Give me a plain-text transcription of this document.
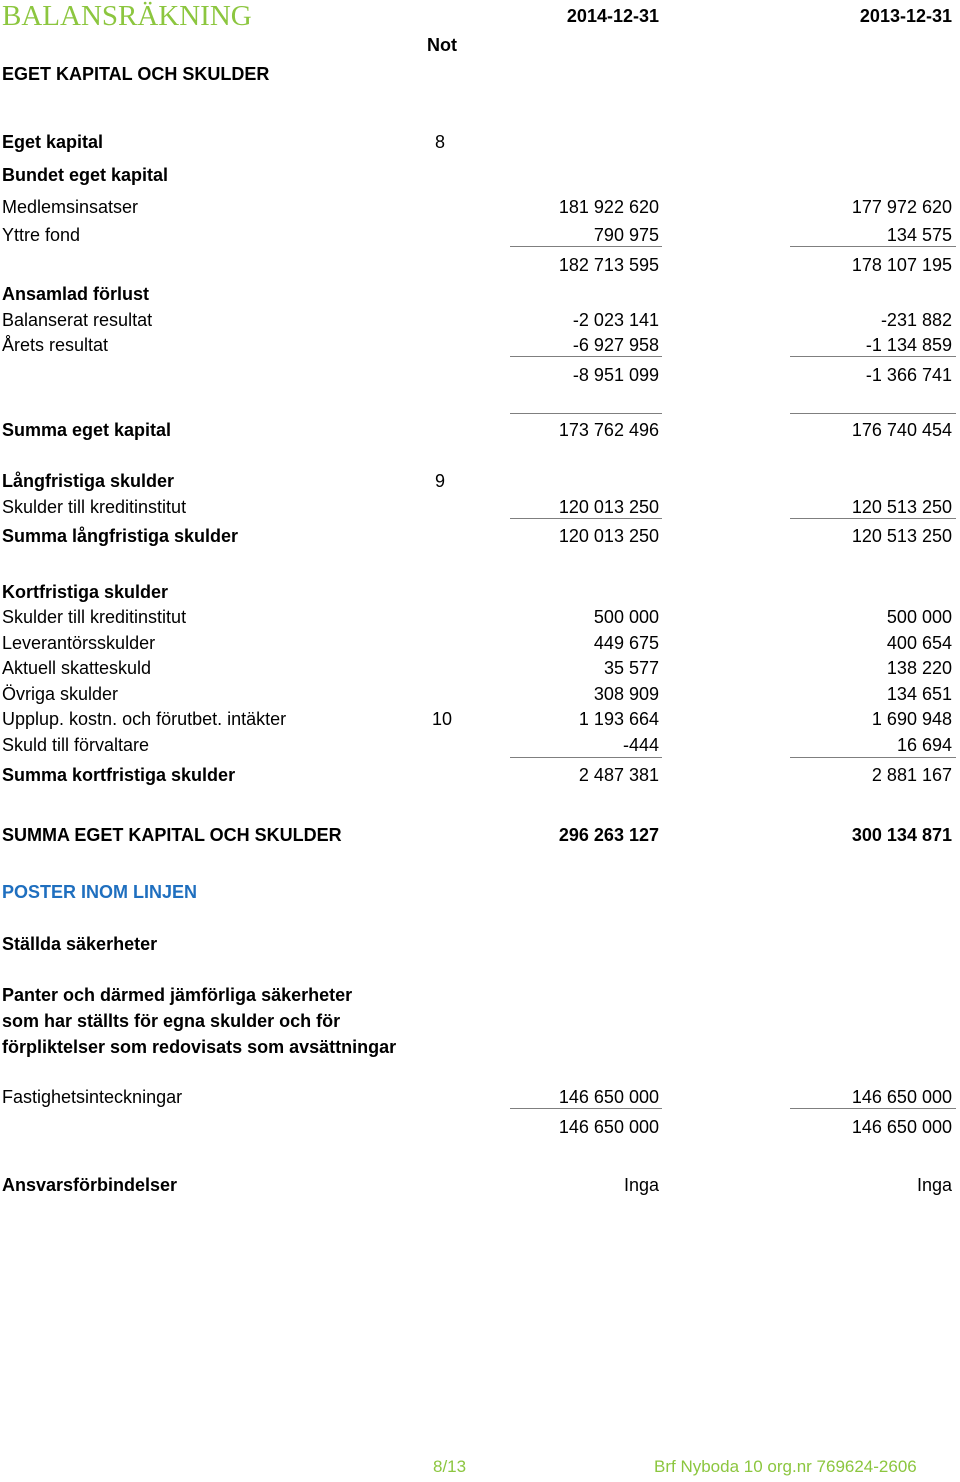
BALANSRÄKNING	2014-12-31	2013-12-31
Not
EGET KAPITAL OCH SKULDER
Eget kapital	8
Bundet eget kapital
Medlemsinsatser	181 922 620	177 972 620
Yttre fond	790 975	134 575
182 713 595	178 107 195
Ansamlad förlust
Balanserat resultat	-2 023 141	-231 882
Årets resultat	-6 927 958	-1 134 859
-8 951 099	-1 366 741
Summa eget kapital	173 762 496	176 740 454
Långfristiga skulder	9
Skulder till kreditinstitut	120 013 250	120 513 250
Summa långfristiga skulder	120 013 250	120 513 250
Kortfristiga skulder
Skulder till kreditinstitut	500 000	500 000
Leverantörsskulder	449 675	400 654
Aktuell skatteskuld	35 577	138 220
Övriga skulder	308 909	134 651
Upplup. kostn. och förutbet. intäkter	10	1 193 664	1 690 948
Skuld till förvaltare	-444	16 694
Summa kortfristiga skulder	2 487 381	2 881 167
SUMMA EGET KAPITAL OCH SKULDER	296 263 127	300 134 871
POSTER INOM LINJEN
Ställda säkerheter
Panter och därmed jämförliga säkerheter
som har ställts för egna skulder och för
förpliktelser som redovisats som avsättningar
Fastighetsinteckningar	146 650 000	146 650 000
146 650 000	146 650 000
Ansvarsförbindelser	Inga	Inga
8/13	Brf Nyboda 10 org.nr 769624-2606
